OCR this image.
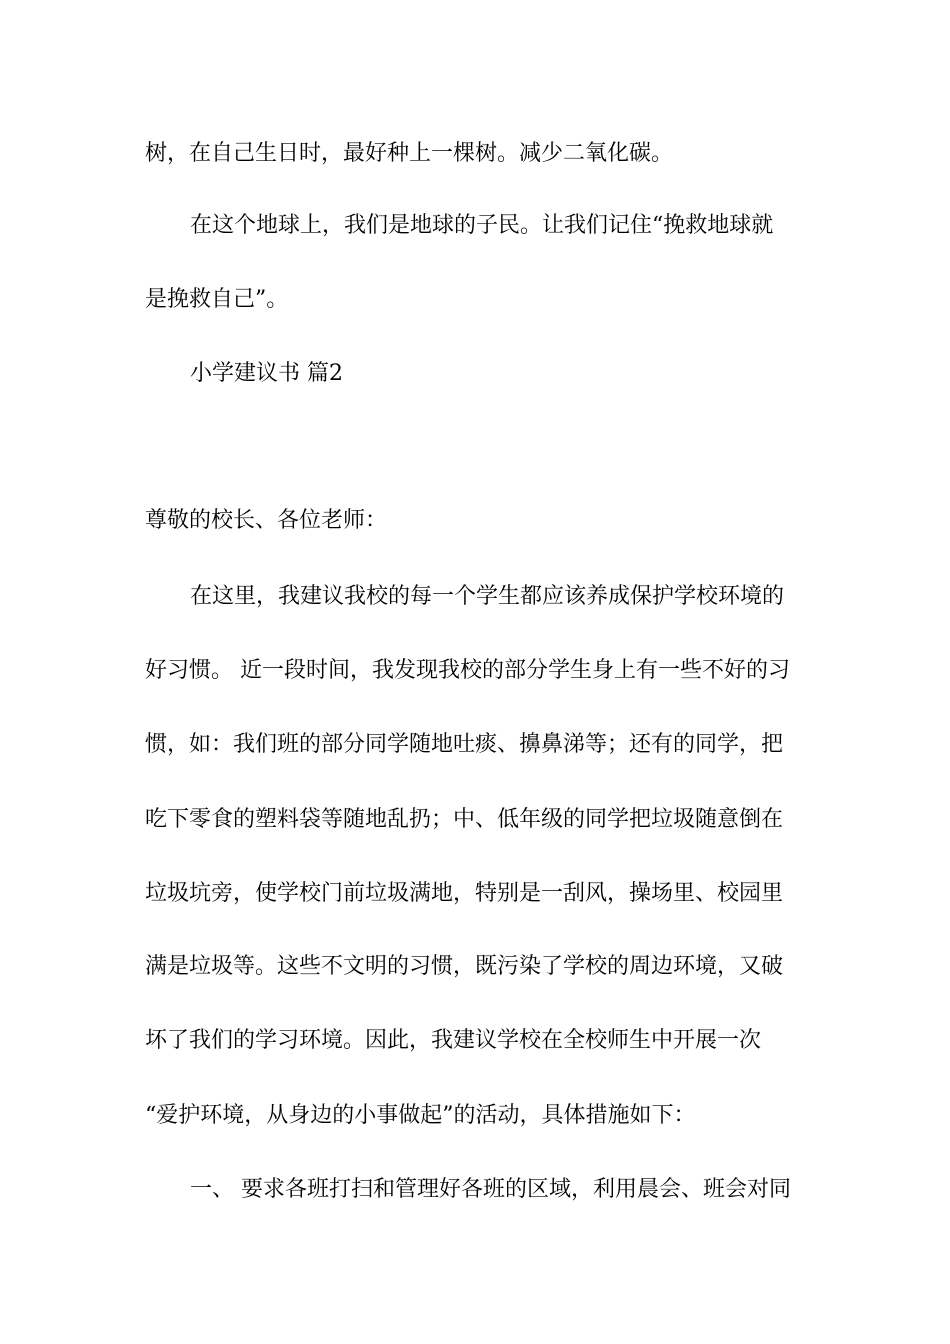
树，在自己生日时，最好种上一棵树。减少二氧化碳。
在这个地球上，我们是地球的子民。让我们记住“挽救地球就
是挽救自己”。
小学建议书 篇2
尊敬的校长、各位老师：
在这里，我建议我校的每一个学生都应该养成保护学校环境的
好习惯。 近一段时间，我发现我校的部分学生身上有一些不好的习
惯，如：我们班的部分同学随地吐痰、擤鼻涕等；还有的同学，把
吃下零食的塑料袋等随地乱扔；中、低年级的同学把垃圾随意倒在
垃圾坑旁，使学校门前垃圾满地，特别是一刮风，操场里、校园里
满是垃圾等。这些不文明的习惯，既污染了学校的周边环境，又破
坏了我们的学习环境。因此，我建议学校在全校师生中开展一次
“爱护环境，从身边的小事做起”的活动，具体措施如下：
一、 要求各班打扫和管理好各班的区域，利用晨会、班会对同
